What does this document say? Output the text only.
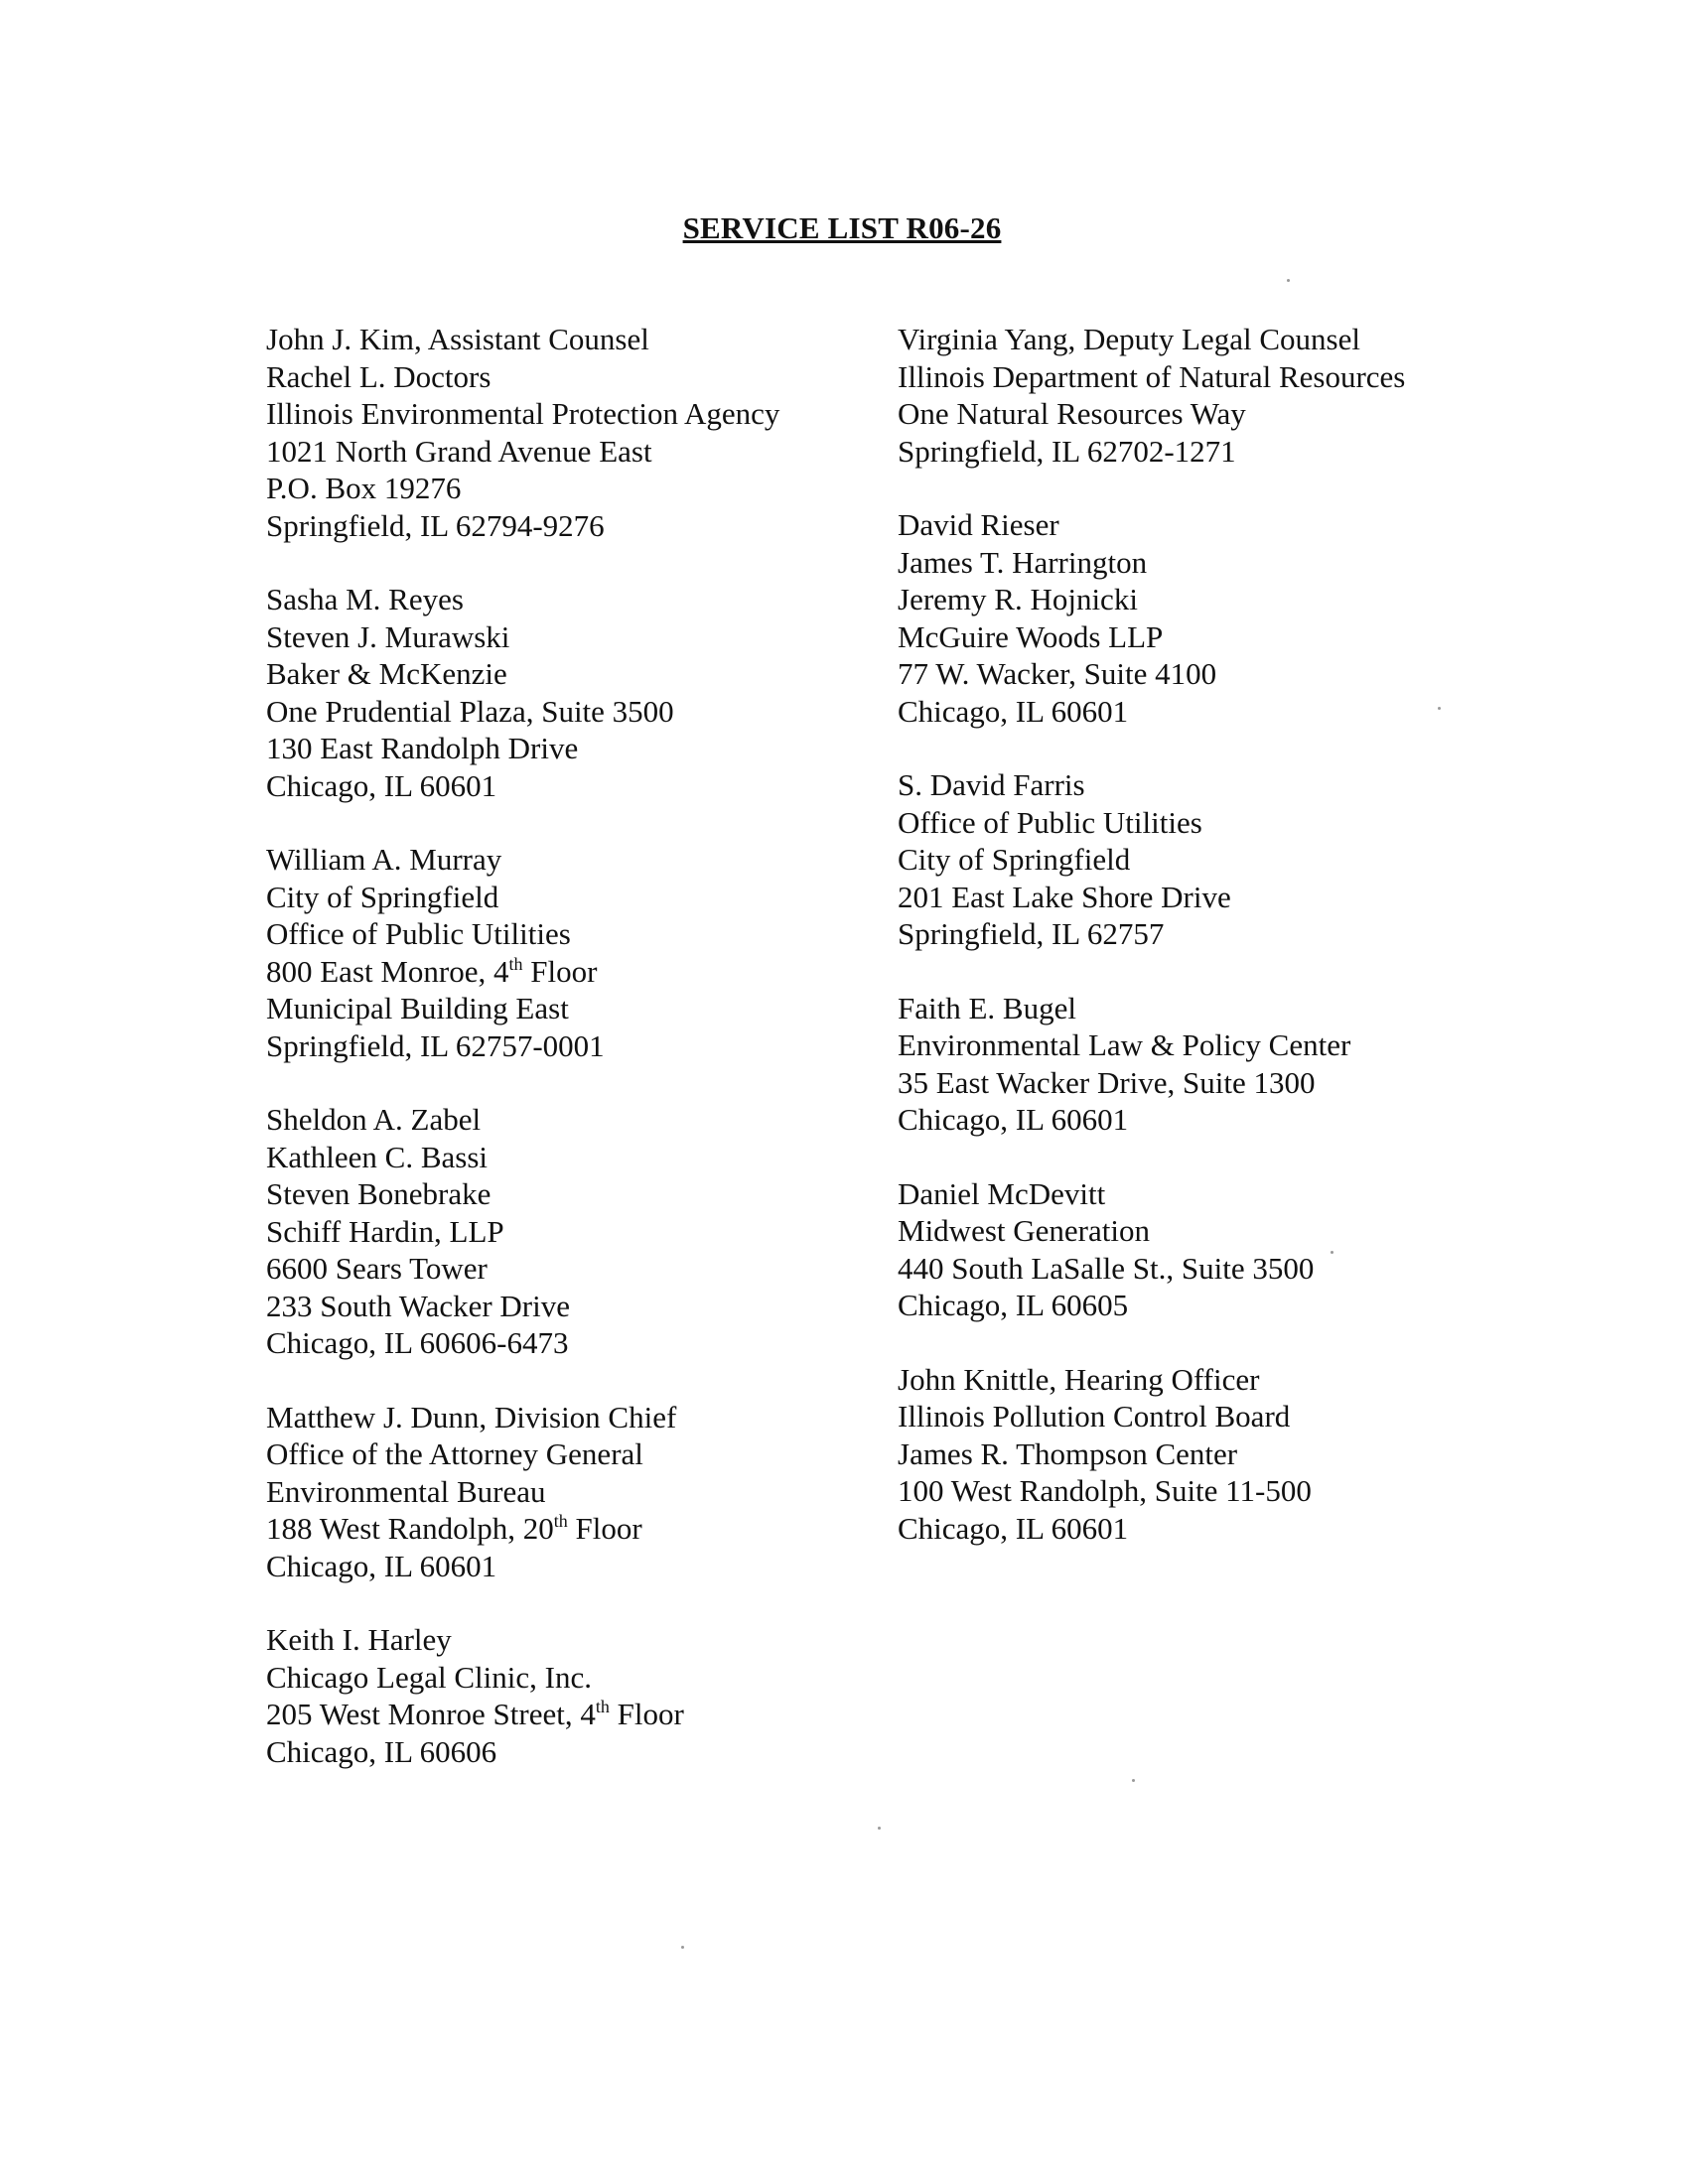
SERVICE LIST R06-26
John J. Kim, Assistant Counsel
Rachel L. Doctors
Illinois Environmental Protection Agency
1021 North Grand Avenue East
P.O. Box 19276
Springfield, IL 62794-9276
Sasha M. Reyes
Steven J. Murawski
Baker & McKenzie
One Prudential Plaza, Suite 3500
130 East Randolph Drive
Chicago, IL 60601
William A. Murray
City of Springfield
Office of Public Utilities
800 East Monroe, 4th Floor
Municipal Building East
Springfield, IL 62757-0001
Sheldon A. Zabel
Kathleen C. Bassi
Steven Bonebrake
Schiff Hardin, LLP
6600 Sears Tower
233 South Wacker Drive
Chicago, IL 60606-6473
Matthew J. Dunn, Division Chief
Office of the Attorney General
Environmental Bureau
188 West Randolph, 20th Floor
Chicago, IL 60601
Keith I. Harley
Chicago Legal Clinic, Inc.
205 West Monroe Street, 4th Floor
Chicago, IL 60606
Virginia Yang, Deputy Legal Counsel
Illinois Department of Natural Resources
One Natural Resources Way
Springfield, IL 62702-1271
David Rieser
James T. Harrington
Jeremy R. Hojnicki
McGuire Woods LLP
77 W. Wacker, Suite 4100
Chicago, IL 60601
S. David Farris
Office of Public Utilities
City of Springfield
201 East Lake Shore Drive
Springfield, IL 62757
Faith E. Bugel
Environmental Law & Policy Center
35 East Wacker Drive, Suite 1300
Chicago, IL 60601
Daniel McDevitt
Midwest Generation
440 South LaSalle St., Suite 3500
Chicago, IL 60605
John Knittle, Hearing Officer
Illinois Pollution Control Board
James R. Thompson Center
100 West Randolph, Suite 11-500
Chicago, IL 60601
